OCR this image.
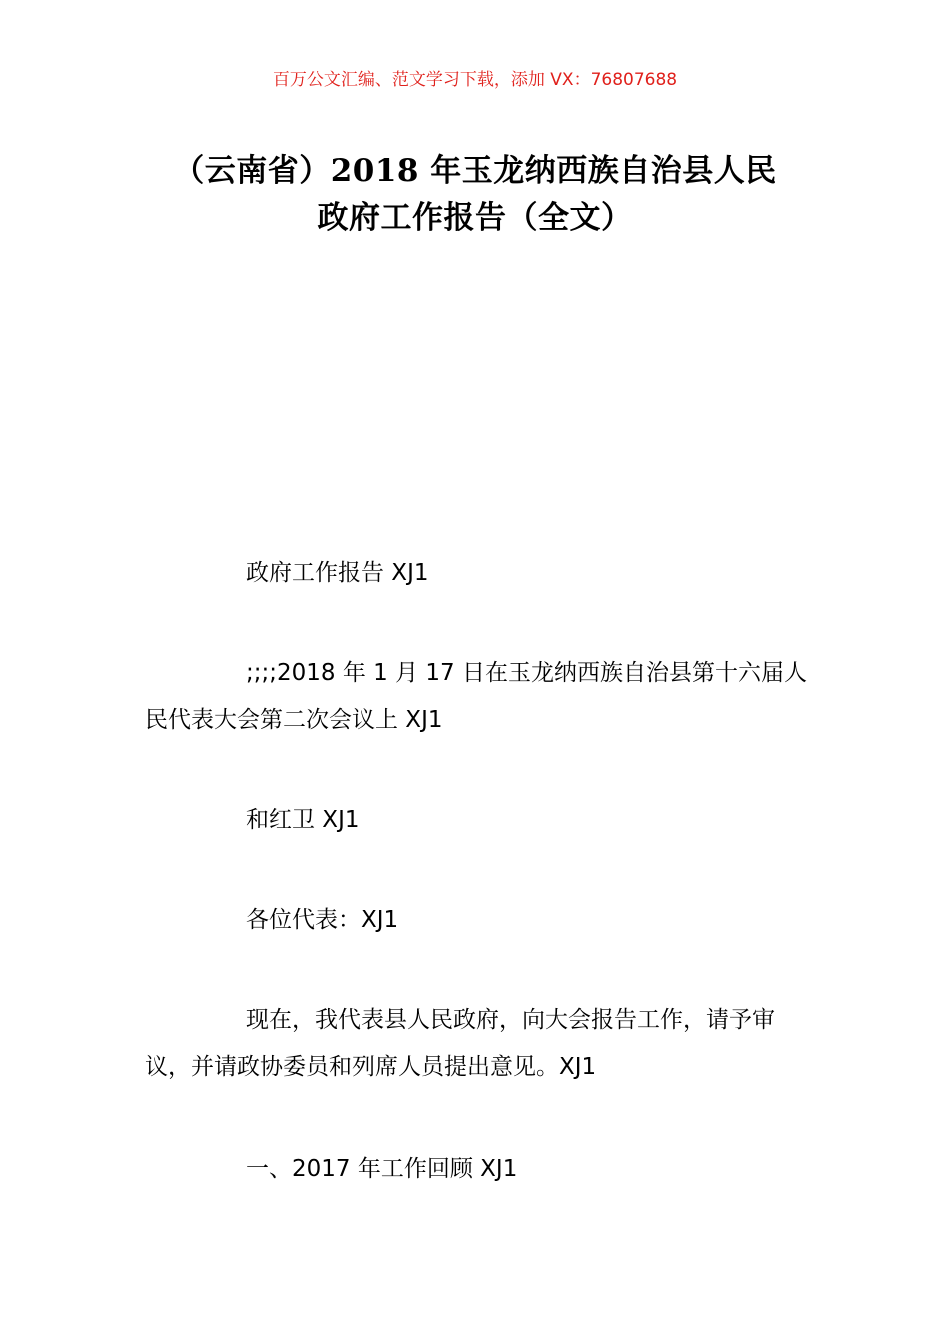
百万公文汇编、范文学习下载，添加 VX：76807688
（云南省）2018 年玉龙纳西族自治县人民
政府工作报告（全文）

政府工作报告 XJ1

;;;;2018 年 1 月 17 日在玉龙纳西族自治县第十六届人民代表大会第二次会议上 XJ1

和红卫 XJ1

各位代表：XJ1

现在，我代表县人民政府，向大会报告工作，请予审议，并请政协委员和列席人员提出意见。XJ1

一、2017 年工作回顾 XJ1
